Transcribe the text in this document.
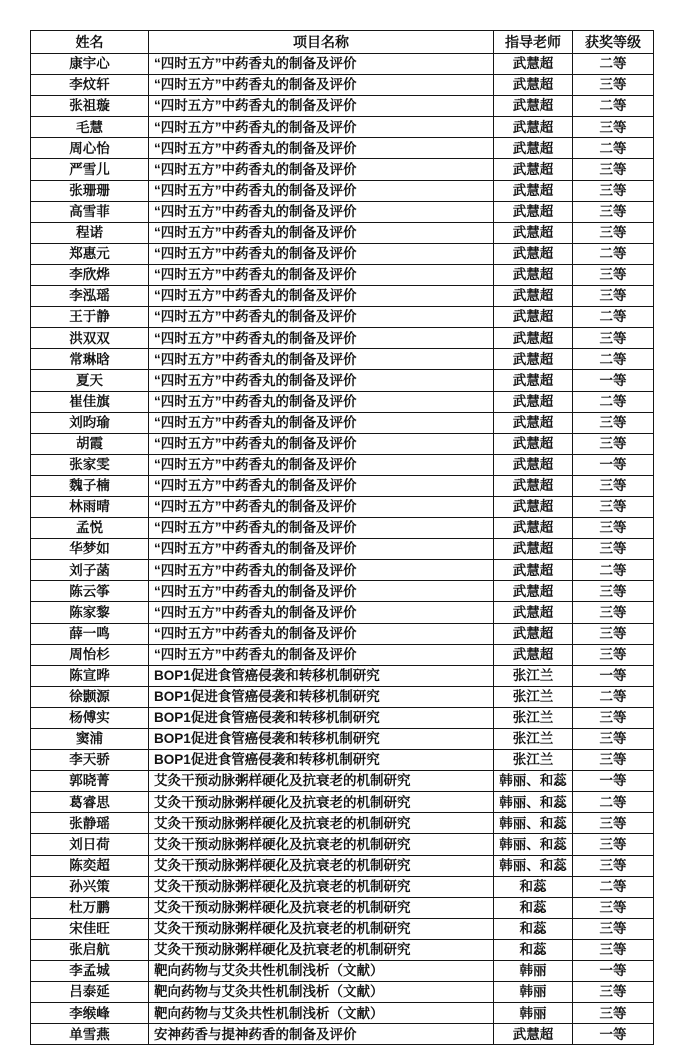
姓名	项目名称	指导老师	获奖等级
康宇心	“四时五方”中药香丸的制备及评价	武慧超	二等
李炆轩	“四时五方”中药香丸的制备及评价	武慧超	三等
张祖璇	“四时五方”中药香丸的制备及评价	武慧超	二等
毛慧	“四时五方”中药香丸的制备及评价	武慧超	三等
周心怡	“四时五方”中药香丸的制备及评价	武慧超	二等
严雪儿	“四时五方”中药香丸的制备及评价	武慧超	三等
张珊珊	“四时五方”中药香丸的制备及评价	武慧超	三等
高雪菲	“四时五方”中药香丸的制备及评价	武慧超	三等
程诺	“四时五方”中药香丸的制备及评价	武慧超	三等
郑惠元	“四时五方”中药香丸的制备及评价	武慧超	二等
李欣烨	“四时五方”中药香丸的制备及评价	武慧超	三等
李泓瑶	“四时五方”中药香丸的制备及评价	武慧超	三等
王于静	“四时五方”中药香丸的制备及评价	武慧超	二等
洪双双	“四时五方”中药香丸的制备及评价	武慧超	三等
常琳晗	“四时五方”中药香丸的制备及评价	武慧超	二等
夏天	“四时五方”中药香丸的制备及评价	武慧超	一等
崔佳旗	“四时五方”中药香丸的制备及评价	武慧超	二等
刘昀瑜	“四时五方”中药香丸的制备及评价	武慧超	三等
胡霞	“四时五方”中药香丸的制备及评价	武慧超	三等
张家雯	“四时五方”中药香丸的制备及评价	武慧超	一等
魏子楠	“四时五方”中药香丸的制备及评价	武慧超	三等
林雨晴	“四时五方”中药香丸的制备及评价	武慧超	三等
孟悦	“四时五方”中药香丸的制备及评价	武慧超	三等
华梦如	“四时五方”中药香丸的制备及评价	武慧超	三等
刘子菡	“四时五方”中药香丸的制备及评价	武慧超	二等
陈云筝	“四时五方”中药香丸的制备及评价	武慧超	三等
陈家黎	“四时五方”中药香丸的制备及评价	武慧超	三等
薛一鸣	“四时五方”中药香丸的制备及评价	武慧超	三等
周怡杉	“四时五方”中药香丸的制备及评价	武慧超	三等
陈宣晔	BOP1促进食管癌侵袭和转移机制研究	张江兰	一等
徐颢源	BOP1促进食管癌侵袭和转移机制研究	张江兰	二等
杨傅实	BOP1促进食管癌侵袭和转移机制研究	张江兰	三等
窦浦	BOP1促进食管癌侵袭和转移机制研究	张江兰	三等
李天骄	BOP1促进食管癌侵袭和转移机制研究	张江兰	三等
郭晓菁	艾灸干预动脉粥样硬化及抗衰老的机制研究	韩丽、和蕊	一等
葛睿思	艾灸干预动脉粥样硬化及抗衰老的机制研究	韩丽、和蕊	二等
张静瑶	艾灸干预动脉粥样硬化及抗衰老的机制研究	韩丽、和蕊	三等
刘日荷	艾灸干预动脉粥样硬化及抗衰老的机制研究	韩丽、和蕊	三等
陈奕超	艾灸干预动脉粥样硬化及抗衰老的机制研究	韩丽、和蕊	三等
孙兴策	艾灸干预动脉粥样硬化及抗衰老的机制研究	和蕊	二等
杜万鹏	艾灸干预动脉粥样硬化及抗衰老的机制研究	和蕊	三等
宋佳旺	艾灸干预动脉粥样硬化及抗衰老的机制研究	和蕊	三等
张启航	艾灸干预动脉粥样硬化及抗衰老的机制研究	和蕊	三等
李孟城	靶向药物与艾灸共性机制浅析（文献）	韩丽	一等
吕泰延	靶向药物与艾灸共性机制浅析（文献）	韩丽	三等
李缑峰	靶向药物与艾灸共性机制浅析（文献）	韩丽	三等
单雪燕	安神药香与提神药香的制备及评价	武慧超	一等
